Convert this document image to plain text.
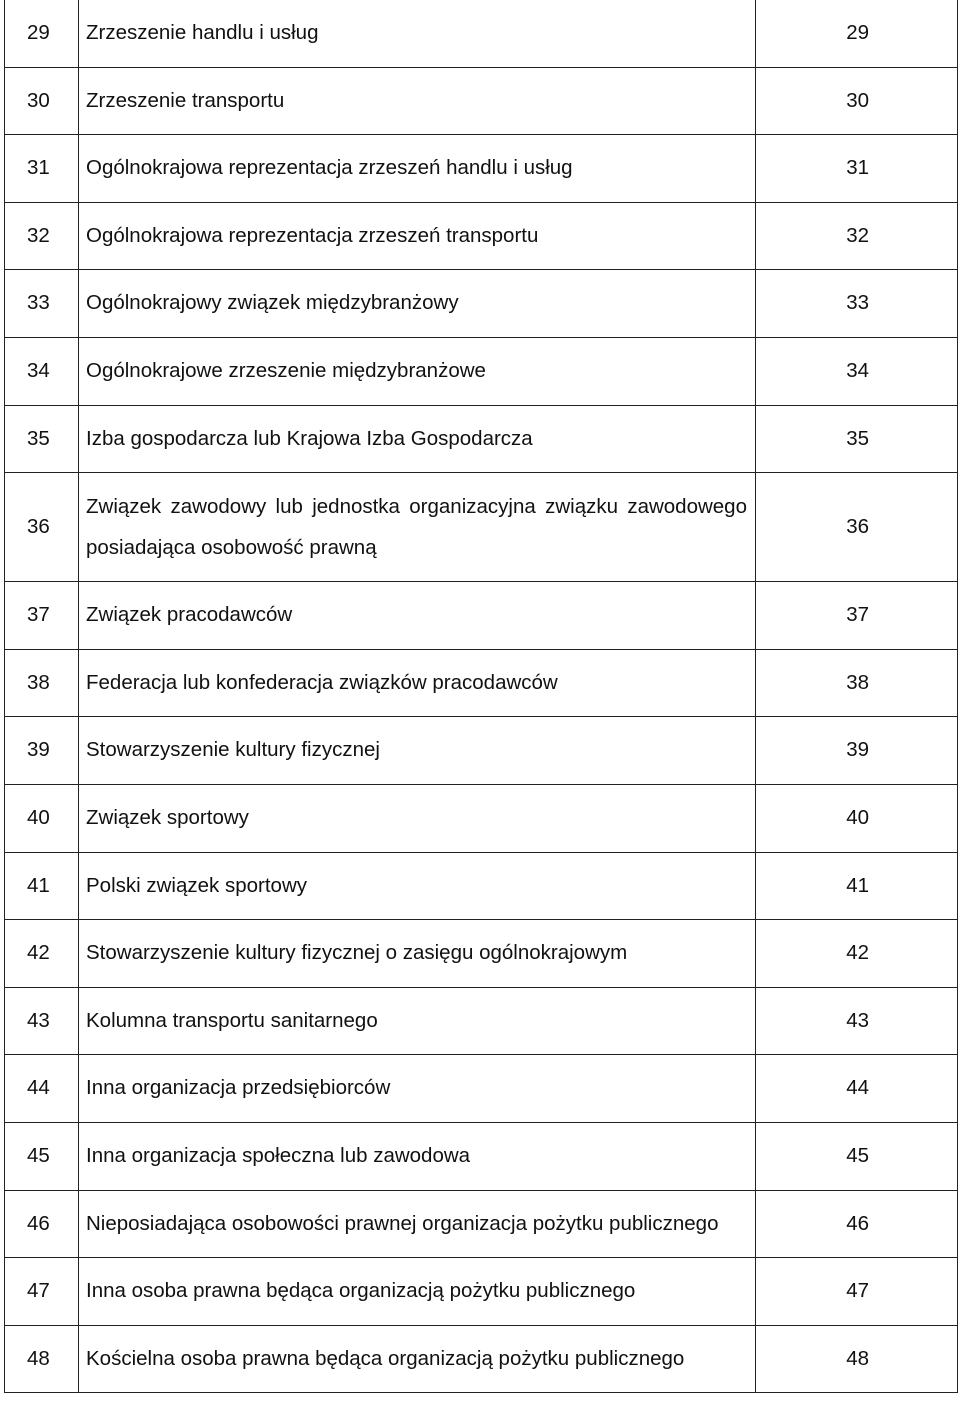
29	Zrzeszenie handlu i usług	29
30	Zrzeszenie transportu	30
31	Ogólnokrajowa reprezentacja zrzeszeń handlu i usług	31
32	Ogólnokrajowa reprezentacja zrzeszeń transportu	32
33	Ogólnokrajowy związek międzybranżowy	33
34	Ogólnokrajowe zrzeszenie międzybranżowe	34
35	Izba gospodarcza lub Krajowa Izba Gospodarcza	35
36	Związek zawodowy lub jednostka organizacyjna związku zawodowego posiadająca osobowość prawną	36
37	Związek pracodawców	37
38	Federacja lub konfederacja związków pracodawców	38
39	Stowarzyszenie kultury fizycznej	39
40	Związek sportowy	40
41	Polski związek sportowy	41
42	Stowarzyszenie kultury fizycznej o zasięgu ogólnokrajowym	42
43	Kolumna transportu sanitarnego	43
44	Inna organizacja przedsiębiorców	44
45	Inna organizacja społeczna lub zawodowa	45
46	Nieposiadająca osobowości prawnej organizacja pożytku publicznego	46
47	Inna osoba prawna będąca organizacją pożytku publicznego	47
48	Kościelna osoba prawna będąca organizacją pożytku publicznego	48
